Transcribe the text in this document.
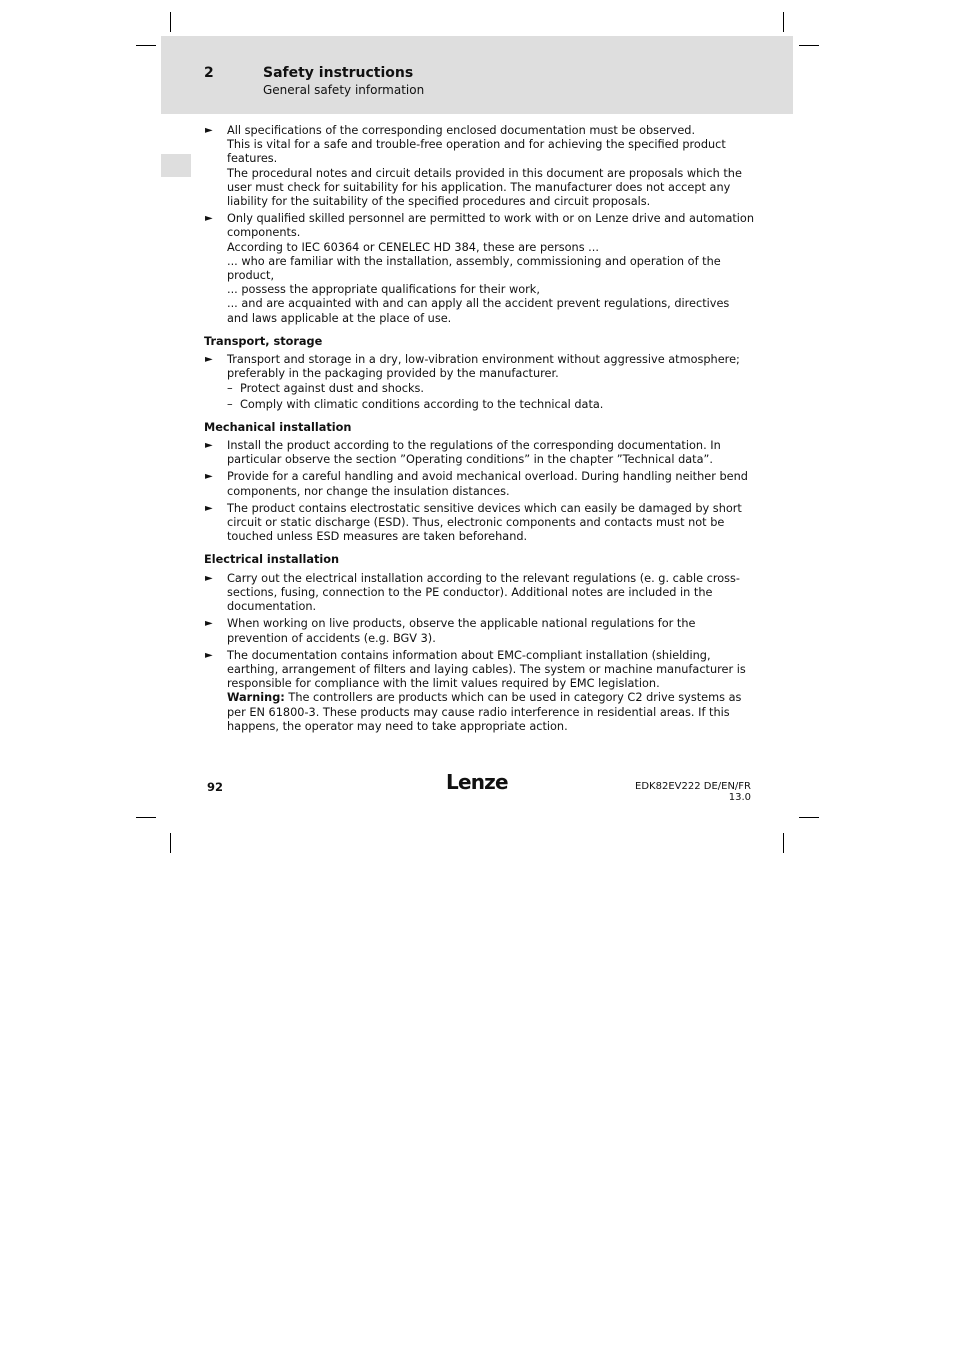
2	Safety instructions
General safety information
► All specifications of the corresponding enclosed documentation must be observed.

This is vital for a safe and trouble-free operation and for achieving the specified product features.

The procedural notes and circuit details provided in this document are proposals which the user must check for suitability for his application. The manufacturer does not accept any liability for the suitability of the specified procedures and circuit proposals.

► Only qualified skilled personnel are permitted to work with or on Lenze drive and automation components.

According to IEC 60364 or CENELEC HD 384, these are persons ...

... who are familiar with the installation, assembly, commissioning and operation of the product,

... possess the appropriate qualifications for their work,

... and are acquainted with and can apply all the accident prevent regulations, directives and laws applicable at the place of use.

Transport, storage
► Transport and storage in a dry, low-vibration environment without aggressive atmosphere; preferably in the packaging provided by the manufacturer.

– Protect against dust and shocks.
– Comply with climatic conditions according to the technical data.
Mechanical installation
► Install the product according to the regulations of the corresponding documentation. In particular observe the section ”Operating conditions” in the chapter ”Technical data”.

► Provide for a careful handling and avoid mechanical overload. During handling neither bend components, nor change the insulation distances.

► The product contains electrostatic sensitive devices which can easily be damaged by short circuit or static discharge (ESD). Thus, electronic components and contacts must not be touched unless ESD measures are taken beforehand.

Electrical installation
► Carry out the electrical installation according to the relevant regulations (e. g. cable cross-sections, fusing, connection to the PE conductor). Additional notes are included in the documentation.

► When working on live products, observe the applicable national regulations for the prevention of accidents (e.g. BGV 3).

► The documentation contains information about EMC-compliant installation (shielding, earthing, arrangement of filters and laying cables). The system or machine manufacturer is responsible for compliance with the limit values required by EMC legislation.

Warning: The controllers are products which can be used in category C2 drive systems as per EN 61800-3. These products may cause radio interference in residential areas. If this happens, the operator may need to take appropriate action.

92	Lenze	EDK82EV222 DE/EN/FR 13.0
